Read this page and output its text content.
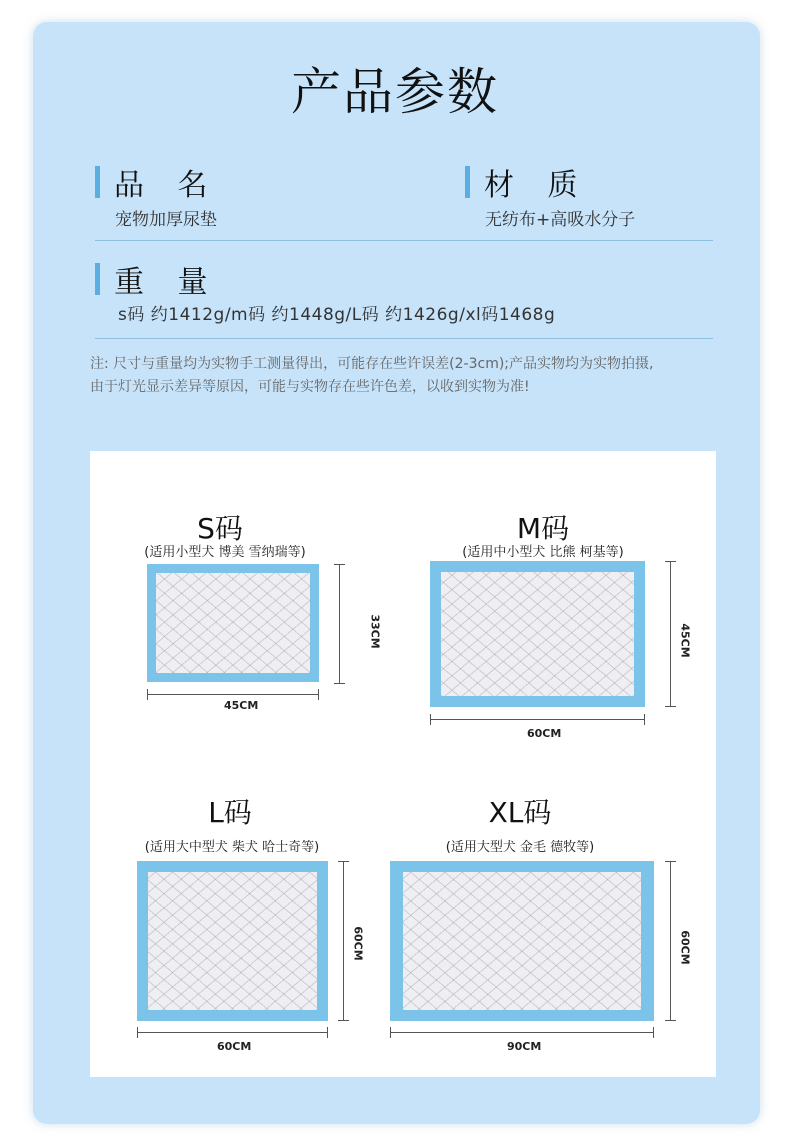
产品参数
品 名
宠物加厚尿垫
材 质
无纺布+高吸水分子
重 量
s码 约1412g/m码 约1448g/L码 约1426g/xl码1468g
注: 尺寸与重量均为实物手工测量得出，可能存在些许误差(2-3cm);产品实物均为实物拍摄,
由于灯光显示差异等原因，可能与实物存在些许色差，以收到实物为准!
S码
(适用小型犬 博美 雪纳瑞等)
33CM
45CM
M码
(适用中小型犬 比熊 柯基等)
45CM
60CM
L码
(适用大中型犬 柴犬 哈士奇等)
60CM
60CM
XL码
(适用大型犬 金毛 德牧等)
60CM
90CM
